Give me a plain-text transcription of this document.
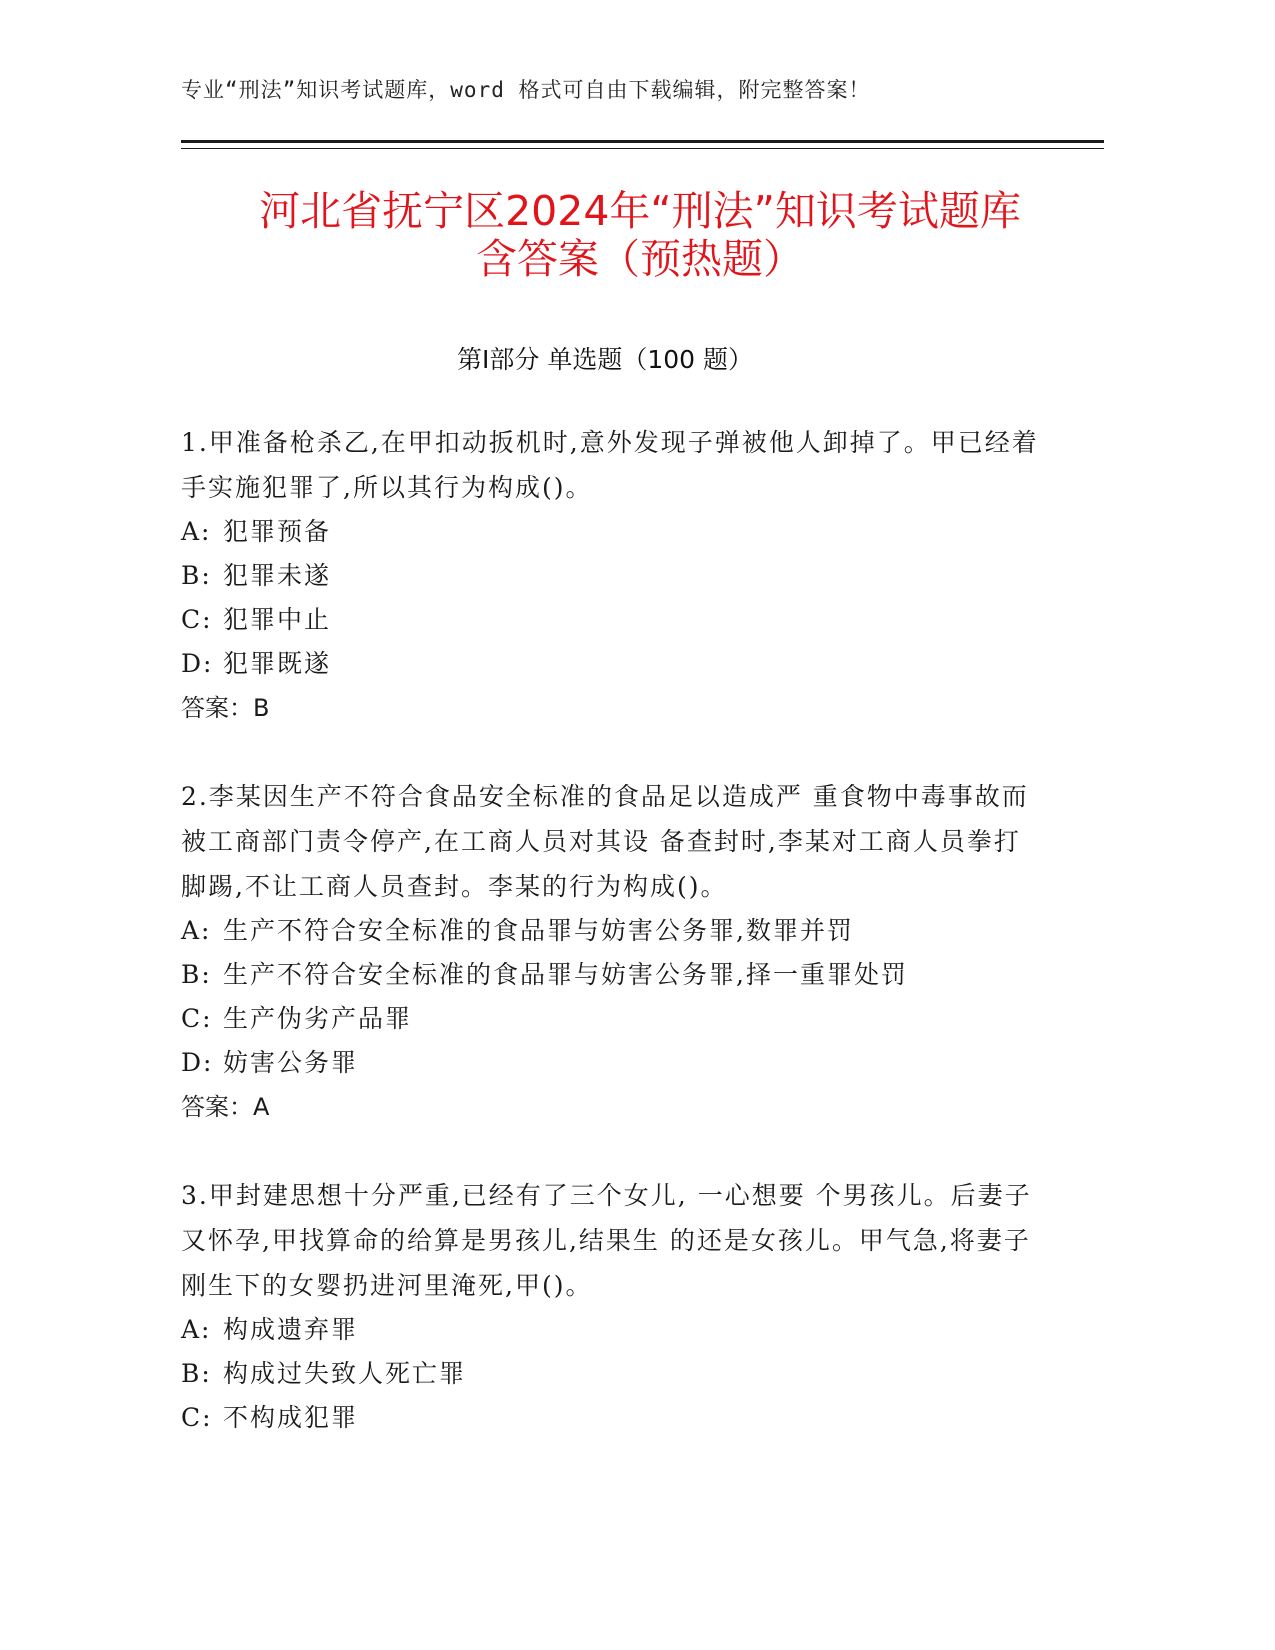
专业“刑法”知识考试题库，word 格式可自由下载编辑，附完整答案！
河北省抚宁区2024年“刑法”知识考试题库
含答案（预热题）
第Ⅰ部分 单选题（100 题）
1.甲准备枪杀乙,在甲扣动扳机时,意外发现子弹被他人卸掉了。甲已经着手实施犯罪了,所以其行为构成()。
A: 犯罪预备
B: 犯罪未遂
C: 犯罪中止
D: 犯罪既遂
答案：B
2.李某因生产不符合食品安全标准的食品足以造成严 重食物中毒事故而被工商部门责令停产,在工商人员对其设 备查封时,李某对工商人员拳打脚踢,不让工商人员查封。李某的行为构成()。
A: 生产不符合安全标准的食品罪与妨害公务罪,数罪并罚
B: 生产不符合安全标准的食品罪与妨害公务罪,择一重罪处罚
C: 生产伪劣产品罪
D: 妨害公务罪
答案：A
3.甲封建思想十分严重,已经有了三个女儿, 一心想要 个男孩儿。后妻子又怀孕,甲找算命的给算是男孩儿,结果生 的还是女孩儿。甲气急,将妻子刚生下的女婴扔进河里淹死,甲()。
A: 构成遗弃罪
B: 构成过失致人死亡罪
C: 不构成犯罪
